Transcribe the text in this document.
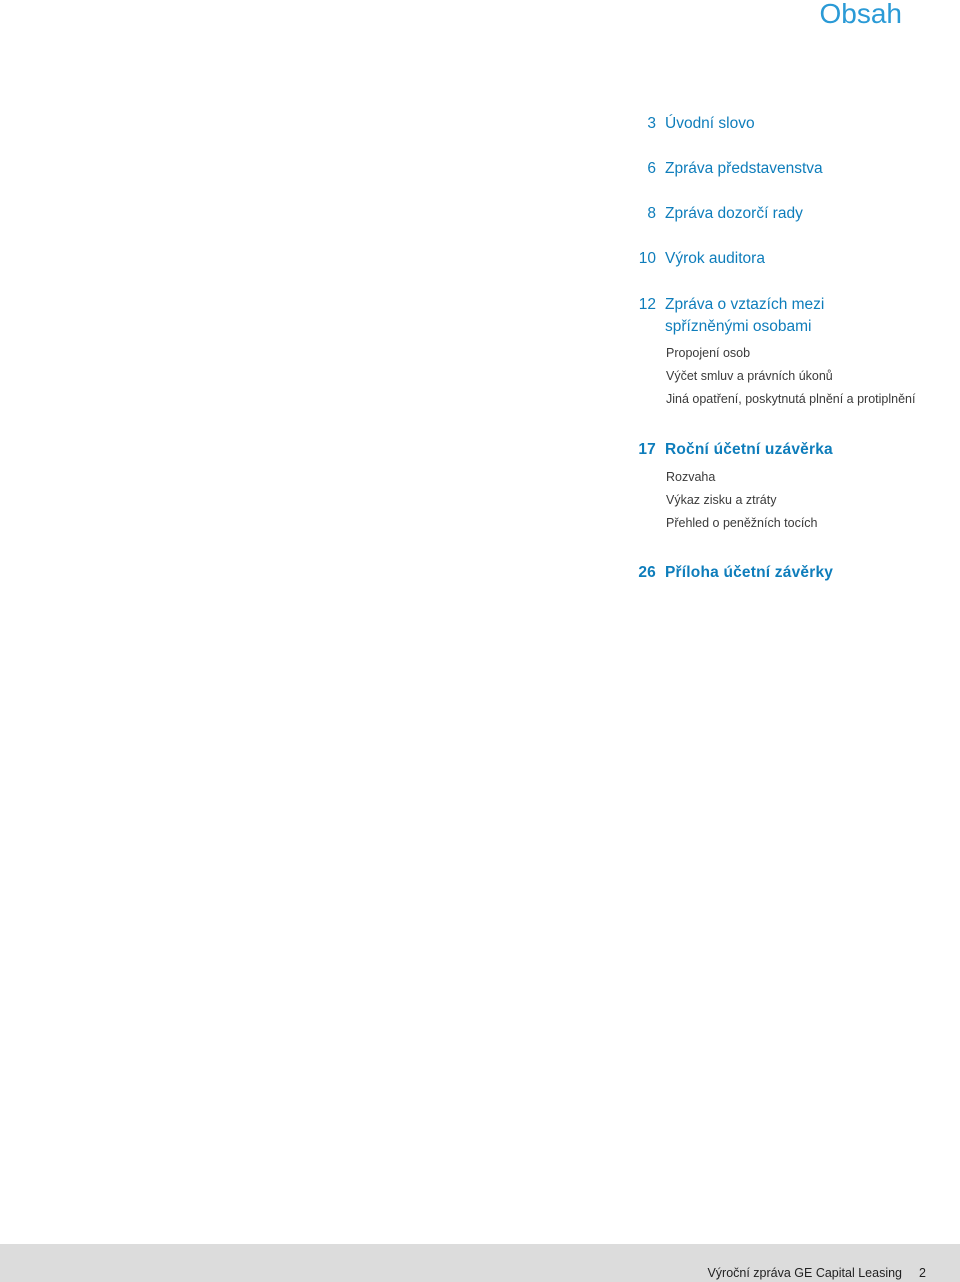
Obsah
3 Úvodní slovo
6 Zpráva představenstva
8 Zpráva dozorčí rady
10 Výrok auditora
12 Zpráva o vztazích mezi
spřízněnými osobami
Propojení osob
Výčet smluv a právních úkonů
Jiná opatření, poskytnutá plnění a protiplnění
17 Roční účetní uzávěrka
Rozvaha
Výkaz zisku a ztráty
Přehled o peněžních tocích
26 Příloha účetní závěrky
Výroční zpráva GE Capital Leasing 2
